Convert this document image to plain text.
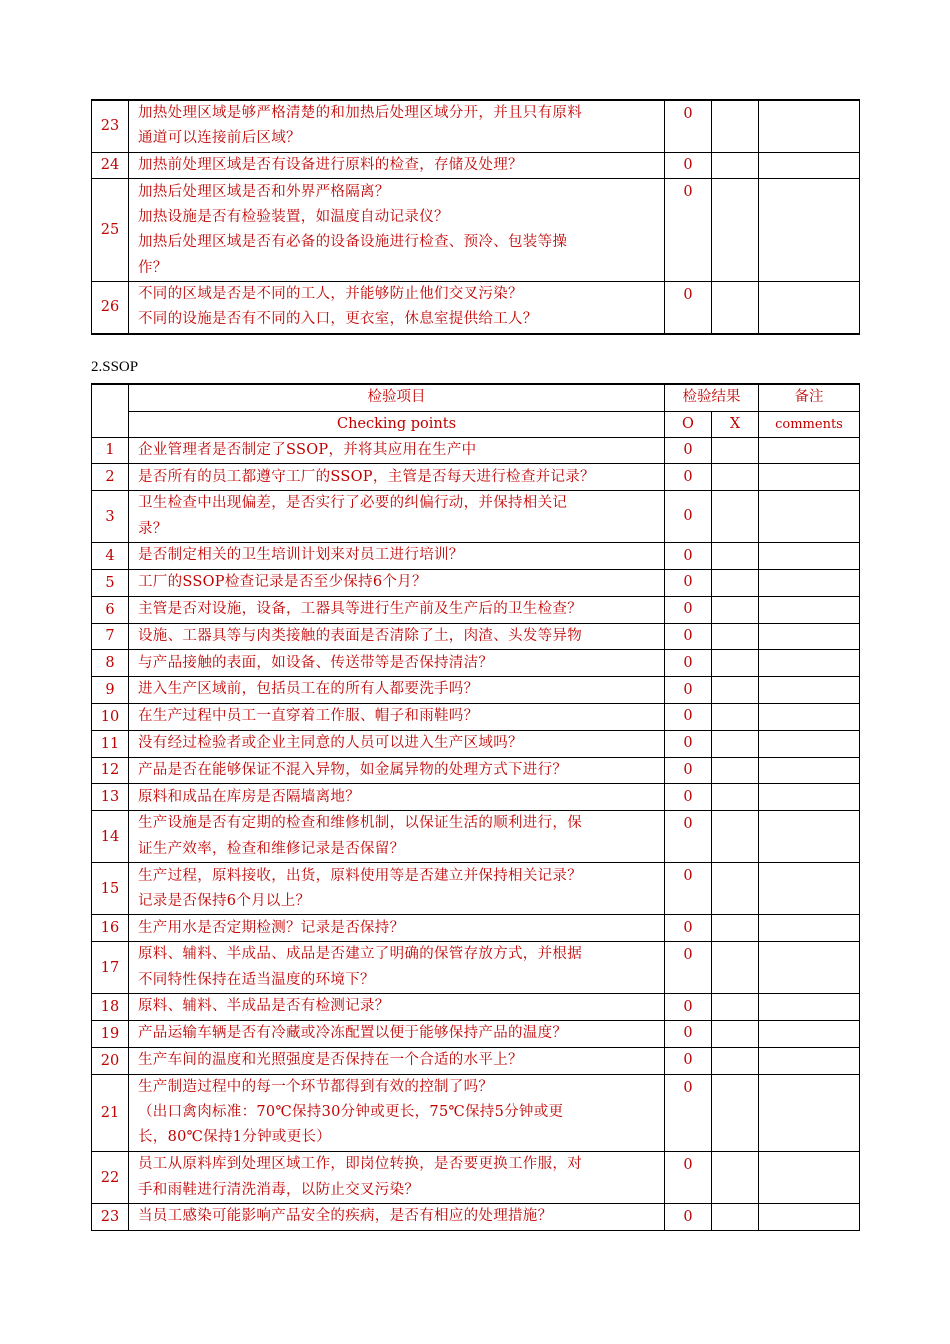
23	加热处理区域是够严格清楚的和加热后处理区域分开，并且只有原料
通道可以连接前后区域？	0		
24	加热前处理区域是否有设备进行原料的检查，存储及处理？	0		
25	加热后处理区域是否和外界严格隔离？
加热设施是否有检验装置，如温度自动记录仪？
加热后处理区域是否有必备的设备设施进行检查、预冷、包装等操
作？	0		
26	不同的区域是否是不同的工人，并能够防止他们交叉污染？
不同的设施是否有不同的入口，更衣室，休息室提供给工人？	0		
2.SSOP
	检验项目	检验结果		备注
	Checking points	O	X	comments
1	企业管理者是否制定了SSOP，并将其应用在生产中	0		
2	是否所有的员工都遵守工厂的SSOP，主管是否每天进行检查并记录？	0		
3	卫生检查中出现偏差，是否实行了必要的纠偏行动，并保持相关记
录？	0		
4	是否制定相关的卫生培训计划来对员工进行培训？	0		
5	工厂的SSOP检查记录是否至少保持6个月？	0		
6	主管是否对设施，设备，工器具等进行生产前及生产后的卫生检查？	0		
7	设施、工器具等与肉类接触的表面是否清除了土，肉渣、头发等异物	0		
8	与产品接触的表面，如设备、传送带等是否保持清洁？	0		
9	进入生产区域前，包括员工在的所有人都要洗手吗？	0		
10	在生产过程中员工一直穿着工作服、帽子和雨鞋吗？	0		
11	没有经过检验者或企业主同意的人员可以进入生产区域吗？	0		
12	产品是否在能够保证不混入异物，如金属异物的处理方式下进行？	0		
13	原料和成品在库房是否隔墙离地？	0		
14	生产设施是否有定期的检查和维修机制，以保证生活的顺利进行，保
证生产效率，检查和维修记录是否保留？	0		
15	生产过程，原料接收，出货，原料使用等是否建立并保持相关记录？
记录是否保持6个月以上？	0		
16	生产用水是否定期检测？记录是否保持？	0		
17	原料、辅料、半成品、成品是否建立了明确的保管存放方式，并根据
不同特性保持在适当温度的环境下？	0		
18	原料、辅料、半成品是否有检测记录？	0		
19	产品运输车辆是否有冷藏或冷冻配置以便于能够保持产品的温度？	0		
20	生产车间的温度和光照强度是否保持在一个合适的水平上？	0		
21	生产制造过程中的每一个环节都得到有效的控制了吗？
（出口禽肉标准：70℃保持30分钟或更长，75℃保持5分钟或更
长，80℃保持1分钟或更长）	0		
22	员工从原料库到处理区域工作，即岗位转换，是否要更换工作服，对
手和雨鞋进行清洗消毒，以防止交叉污染？	0		
23	当员工感染可能影响产品安全的疾病，是否有相应的处理措施？	0		
